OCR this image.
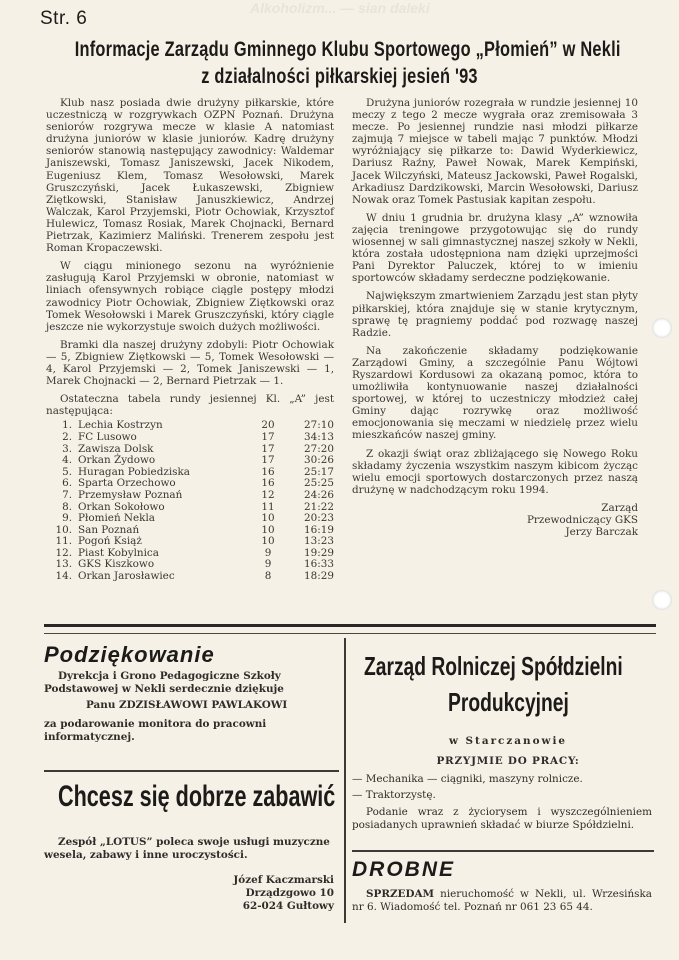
Alkoholizm... — sian daleki
Str. 6
Informacje Zarządu Gminnego Klubu Sportowego „Płomień” w Nekli
z działalności piłkarskiej jesień '93

Klub nasz posiada dwie drużyny piłkarskie, które uczestniczą w rozgrywkach OZPN Poznań. Drużyna seniorów rozgrywa mecze w klasie A natomiast drużyna juniorów w klasie juniorów. Kadrę drużyny seniorów stanowią następujący zawodnicy: Waldemar Janiszewski, Tomasz Janiszewski, Jacek Nikodem, Eugeniusz Klem, Tomasz Wesołowski, Marek Gruszczyński, Jacek Łukaszewski, Zbigniew Ziętkowski, Stanisław Januszkiewicz, Andrzej Walczak, Karol Przyjemski, Piotr Ochowiak, Krzysztof Hulewicz, Tomasz Rosiak, Marek Chojnacki, Bernard Pietrzak, Kazimierz Maliński. Trenerem zespołu jest Roman Kropaczewski.

W ciągu minionego sezonu na wyróżnienie zasługują Karol Przyjemski w obronie, natomiast w liniach ofensywnych robiące ciągle postępy młodzi zawodnicy Piotr Ochowiak, Zbigniew Ziętkowski oraz Tomek Wesołowski i Marek Gruszczyński, który ciągle jeszcze nie wykorzystuje swoich dużych możliwości.

Bramki dla naszej drużyny zdobyli: Piotr Ochowiak — 5, Zbigniew Ziętkowski — 5, Tomek Wesołowski — 4, Karol Przyjemski — 2, Tomek Janiszewski — 1, Marek Chojnacki — 2, Bernard Pietrzak — 1.

Ostateczna tabela rundy jesiennej Kl. „A” jest następująca:

1.	Lechia Kostrzyn	20	27:10
2.	FC Lusowo	17	34:13
3.	Zawisza Dolsk	17	27:20
4.	Orkan Żydowo	17	30:26
5.	Huragan Pobiedziska	16	25:17
6.	Sparta Orzechowo	16	25:25
7.	Przemysław Poznań	12	24:26
8.	Orkan Sokołowo	11	21:22
9.	Płomień Nekla	10	20:23
10.	San Poznań	10	16:19
11.	Pogoń Książ	10	13:23
12.	Piast Kobylnica	9	19:29
13.	GKS Kiszkowo	9	16:33
14.	Orkan Jarosławiec	8	18:29

Drużyna juniorów rozegrała w rundzie jesiennej 10 meczy z tego 2 mecze wygrała oraz zremisowała 3 mecze. Po jesiennej rundzie nasi młodzi piłkarze zajmują 7 miejsce w tabeli mając 7 punktów. Młodzi wyróżniający się piłkarze to: Dawid Wyderkiewicz, Dariusz Raźny, Paweł Nowak, Marek Kempiński, Jacek Wilczyński, Mateusz Jackowski, Paweł Rogalski, Arkadiusz Dardzikowski, Marcin Wesołowski, Dariusz Nowak oraz Tomek Pastusiak kapitan zespołu.

W dniu 1 grudnia br. drużyna klasy „A” wznowiła zajęcia treningowe przygotowując się do rundy wiosennej w sali gimnastycznej naszej szkoły w Nekli, która została udostępniona nam dzięki uprzejmości Pani Dyrektor Paluczek, której to w imieniu sportowców składamy serdeczne podziękowanie.

Największym zmartwieniem Zarządu jest stan płyty piłkarskiej, która znajduje się w stanie krytycznym, sprawę tę pragniemy poddać pod rozwagę naszej Radzie.

Na zakończenie składamy podziękowanie Zarządowi Gminy, a szczególnie Panu Wójtowi Ryszardowi Kordusowi za okazaną pomoc, która to umożliwiła kontynuowanie naszej działalności sportowej, w której to uczestniczy młodzież całej Gminy dając rozrywkę oraz możliwość emocjonowania się meczami w niedzielę przez wielu mieszkańców naszej gminy.

Z okazji świąt oraz zbliżającego się Nowego Roku składamy życzenia wszystkim naszym kibicom życząc wielu emocji sportowych dostarczonych przez naszą drużynę w nadchodzącym roku 1994.

Zarząd
Przewodniczący GKS
Jerzy Barczak
Podziękowanie
Dyrekcja i Grono Pedagogiczne Szkoły Podstawowej w Nekli serdecznie dziękuje
Panu ZDZISŁAWOWI PAWLAKOWI
za podarowanie monitora do pracowni informatycznej.
Chcesz się dobrze zabawić
Zespół „LOTUS” poleca swoje usługi muzyczne wesela, zabawy i inne uroczystości.
Józef Kaczmarski
Drządzgowo 10
62-024 Gułtowy
Zarząd Rolniczej Spółdzielni
Produkcyjnej
w Starczanowie
PRZYJMIE DO PRACY:
— Mechanika — ciągniki, maszyny rolnicze.
— Traktorzystę.
Podanie wraz z życiorysem i wyszczególnieniem posiadanych uprawnień składać w biurze Spółdzielni.
DROBNE
SPRZEDAM nieruchomość w Nekli, ul. Wrzesińska nr 6. Wiadomość tel. Poznań nr 061 23 65 44.
